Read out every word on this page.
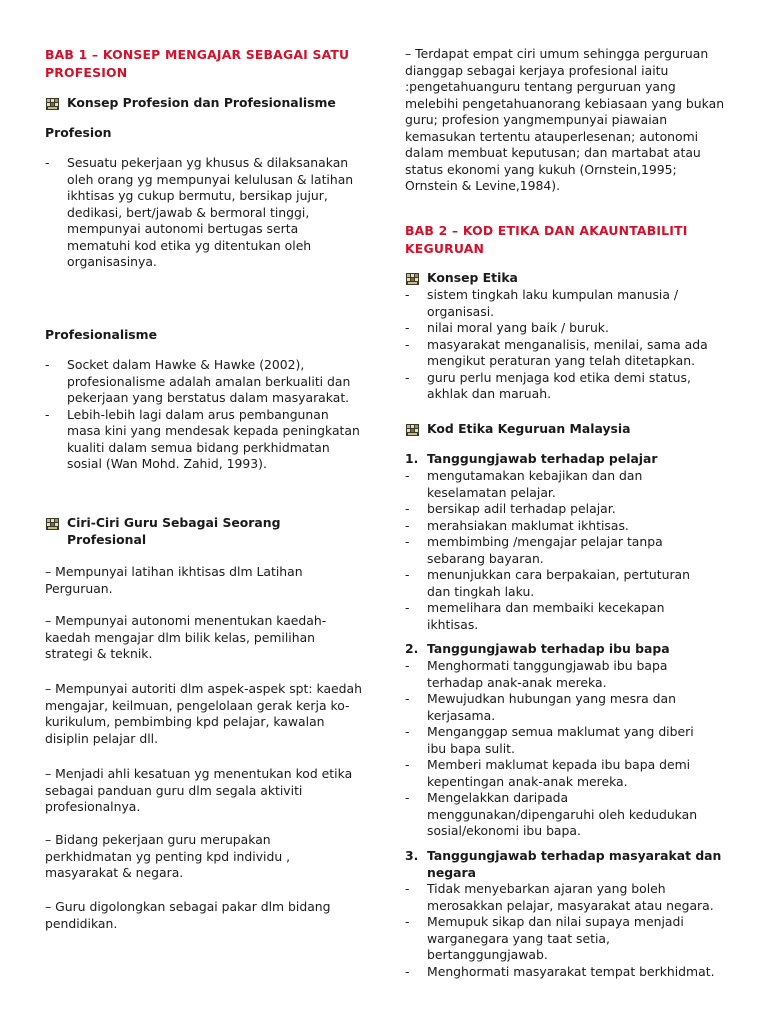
BAB 1 – KONSEP MENGAJAR SEBAGAI SATU PROFESION
Konsep Profesion dan Profesionalisme
Profesion
- Sesuatu pekerjaan yg khusus & dilaksanakan oleh orang yg mempunyai kelulusan & latihan ikhtisas yg cukup bermutu, bersikap jujur, dedikasi, bert/jawab & bermoral tinggi, mempunyai autonomi bertugas serta mematuhi kod etika yg ditentukan oleh organisasinya.
Profesionalisme
- Socket dalam Hawke & Hawke (2002), profesionalisme adalah amalan berkualiti dan pekerjaan yang berstatus dalam masyarakat.
- Lebih-lebih lagi dalam arus pembangunan masa kini yang mendesak kepada peningkatan kualiti dalam semua bidang perkhidmatan sosial (Wan Mohd. Zahid, 1993).
Ciri-Ciri Guru Sebagai Seorang Profesional

– Mempunyai latihan ikhtisas dlm Latihan Perguruan.

– Mempunyai autonomi menentukan kaedah-kaedah mengajar dlm bilik kelas, pemilihan strategi & teknik.

– Mempunyai autoriti dlm aspek-aspek spt: kaedah mengajar, keilmuan, pengelolaan gerak kerja ko-kurikulum, pembimbing kpd pelajar, kawalan disiplin pelajar dll.

– Menjadi ahli kesatuan yg menentukan kod etika sebagai panduan guru dlm segala aktiviti profesionalnya.

– Bidang pekerjaan guru merupakan perkhidmatan yg penting kpd individu , masyarakat & negara.

– Guru digolongkan sebagai pakar dlm bidang pendidikan.

– Terdapat empat ciri umum sehingga perguruan dianggap sebagai kerjaya profesional iaitu :pengetahuanguru tentang perguruan yang melebihi pengetahuanorang kebiasaan yang bukan guru; profesion yangmempunyai piawaian kemasukan tertentu atauperlesenan; autonomi dalam membuat keputusan; dan martabat atau status ekonomi yang kukuh (Ornstein,1995; Ornstein & Levine,1984).

BAB 2 – KOD ETIKA DAN AKAUNTABILITI KEGURUAN
Konsep Etika
- sistem tingkah laku kumpulan manusia / organisasi.
- nilai moral yang baik / buruk.
- masyarakat menganalisis, menilai, sama ada mengikut peraturan yang telah ditetapkan.
- guru perlu menjaga kod etika demi status, akhlak dan maruah.
Kod Etika Keguruan Malaysia
1. Tanggungjawab terhadap pelajar
- mengutamakan kebajikan dan dan keselamatan pelajar.
- bersikap adil terhadap pelajar.
- merahsiakan maklumat ikhtisas.
- membimbing /mengajar pelajar tanpa sebarang bayaran.
- menunjukkan cara berpakaian, pertuturan dan tingkah laku.
- memelihara dan membaiki kecekapan ikhtisas.
2. Tanggungjawab terhadap ibu bapa
- Menghormati tanggungjawab ibu bapa terhadap anak-anak mereka.
- Mewujudkan hubungan yang mesra dan kerjasama.
- Menganggap semua maklumat yang diberi ibu bapa sulit.
- Memberi maklumat kepada ibu bapa demi kepentingan anak-anak mereka.
- Mengelakkan daripada menggunakan/dipengaruhi oleh kedudukan sosial/ekonomi ibu bapa.
3. Tanggungjawab terhadap masyarakat dan negara
- Tidak menyebarkan ajaran yang boleh merosakkan pelajar, masyarakat atau negara.
- Memupuk sikap dan nilai supaya menjadi warganegara yang taat setia, bertanggungjawab.
- Menghormati masyarakat tempat berkhidmat.
